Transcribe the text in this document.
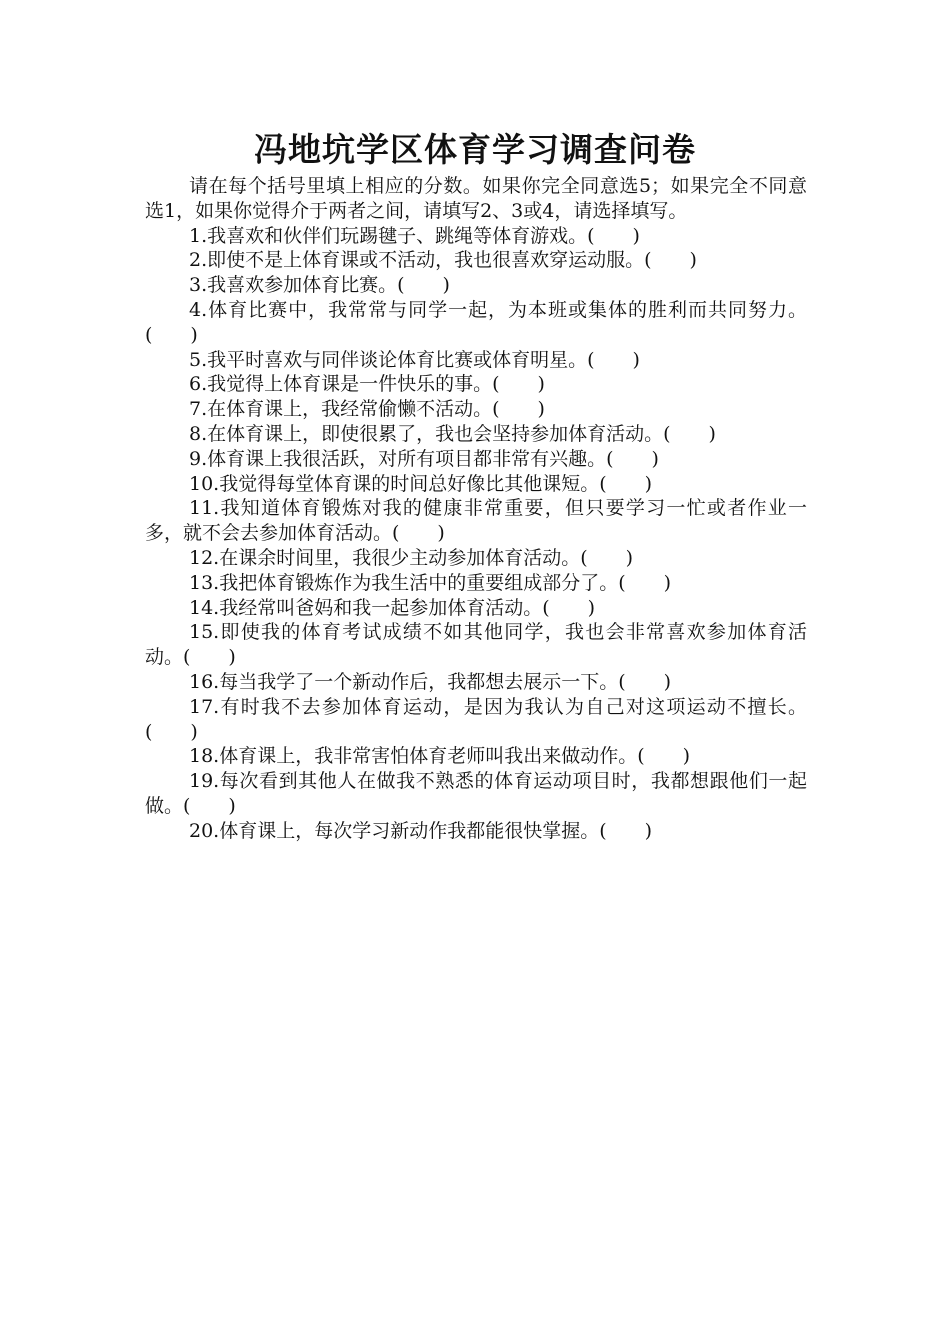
冯地坑学区体育学习调查问卷

请在每个括号里填上相应的分数。如果你完全同意选5；如果完全不同意选1，如果你觉得介于两者之间，请填写2、3或4，请选择填写。

1.我喜欢和伙伴们玩踢毽子、跳绳等体育游戏。(　　)

2.即使不是上体育课或不活动，我也很喜欢穿运动服。(　　)

3.我喜欢参加体育比赛。(　　)

4.体育比赛中，我常常与同学一起，为本班或集体的胜利而共同努力。(　　)

5.我平时喜欢与同伴谈论体育比赛或体育明星。(　　)

6.我觉得上体育课是一件快乐的事。(　　)

7.在体育课上，我经常偷懒不活动。(　　)

8.在体育课上，即使很累了，我也会坚持参加体育活动。(　　)

9.体育课上我很活跃，对所有项目都非常有兴趣。(　　)

10.我觉得每堂体育课的时间总好像比其他课短。(　　)

11.我知道体育锻炼对我的健康非常重要，但只要学习一忙或者作业一多，就不会去参加体育活动。(　　)

12.在课余时间里，我很少主动参加体育活动。(　　)

13.我把体育锻炼作为我生活中的重要组成部分了。(　　)

14.我经常叫爸妈和我一起参加体育活动。(　　)

15.即使我的体育考试成绩不如其他同学，我也会非常喜欢参加体育活动。(　　)

16.每当我学了一个新动作后，我都想去展示一下。(　　)

17.有时我不去参加体育运动，是因为我认为自己对这项运动不擅长。(　　)

18.体育课上，我非常害怕体育老师叫我出来做动作。(　　)

19.每次看到其他人在做我不熟悉的体育运动项目时，我都想跟他们一起做。(　　)

20.体育课上，每次学习新动作我都能很快掌握。(　　)
